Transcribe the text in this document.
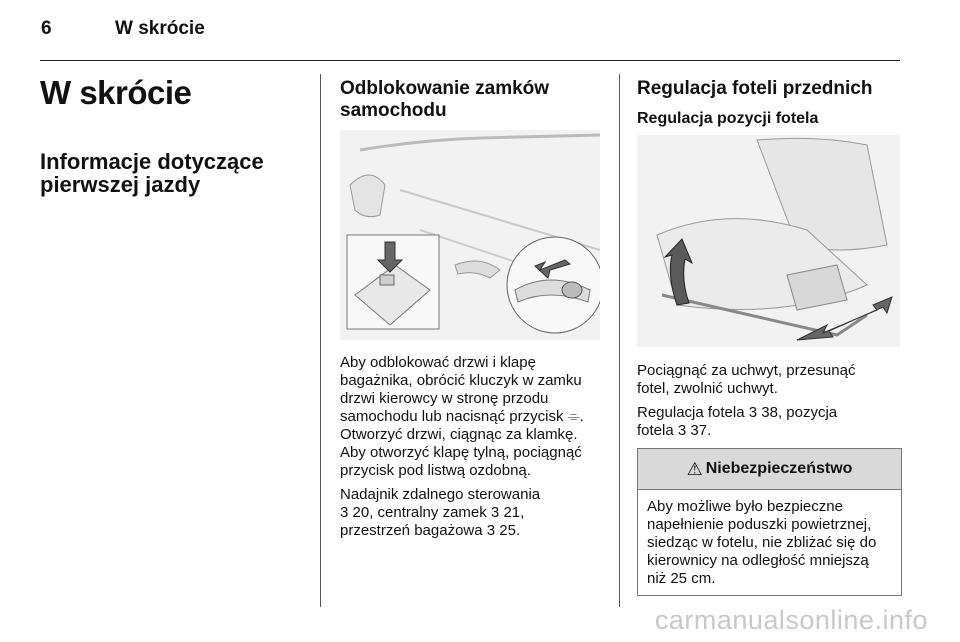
6	W skrócie
W skrócie
Informacje dotyczące
pierwszej jazdy
Odblokowanie zamków
samochodu

Aby odblokować drzwi i klapę
bagażnika, obrócić kluczyk w zamku
drzwi kierowcy w stronę przodu
samochodu lub nacisnąć przycisk ⌯.
Otworzyć drzwi, ciągnąc za klamkę.
Aby otworzyć klapę tylną, pociągnąć
przycisk pod listwą ozdobną.

Nadajnik zdalnego sterowania
3 20, centralny zamek 3 21,
przestrzeń bagażowa 3 25.

Regulacja foteli przednich
Regulacja pozycji fotela

Pociągnąć za uchwyt, przesunąć
fotel, zwolnić uchwyt.

Regulacja fotela 3 38, pozycja
fotela 3 37.

⚠ Niebezpieczeństwo
Aby możliwe było bezpieczne
napełnienie poduszki powietrznej,
siedząc w fotelu, nie zbliżać się do
kierownicy na odległość mniejszą
niż 25 cm.
carmanualsonline.info
